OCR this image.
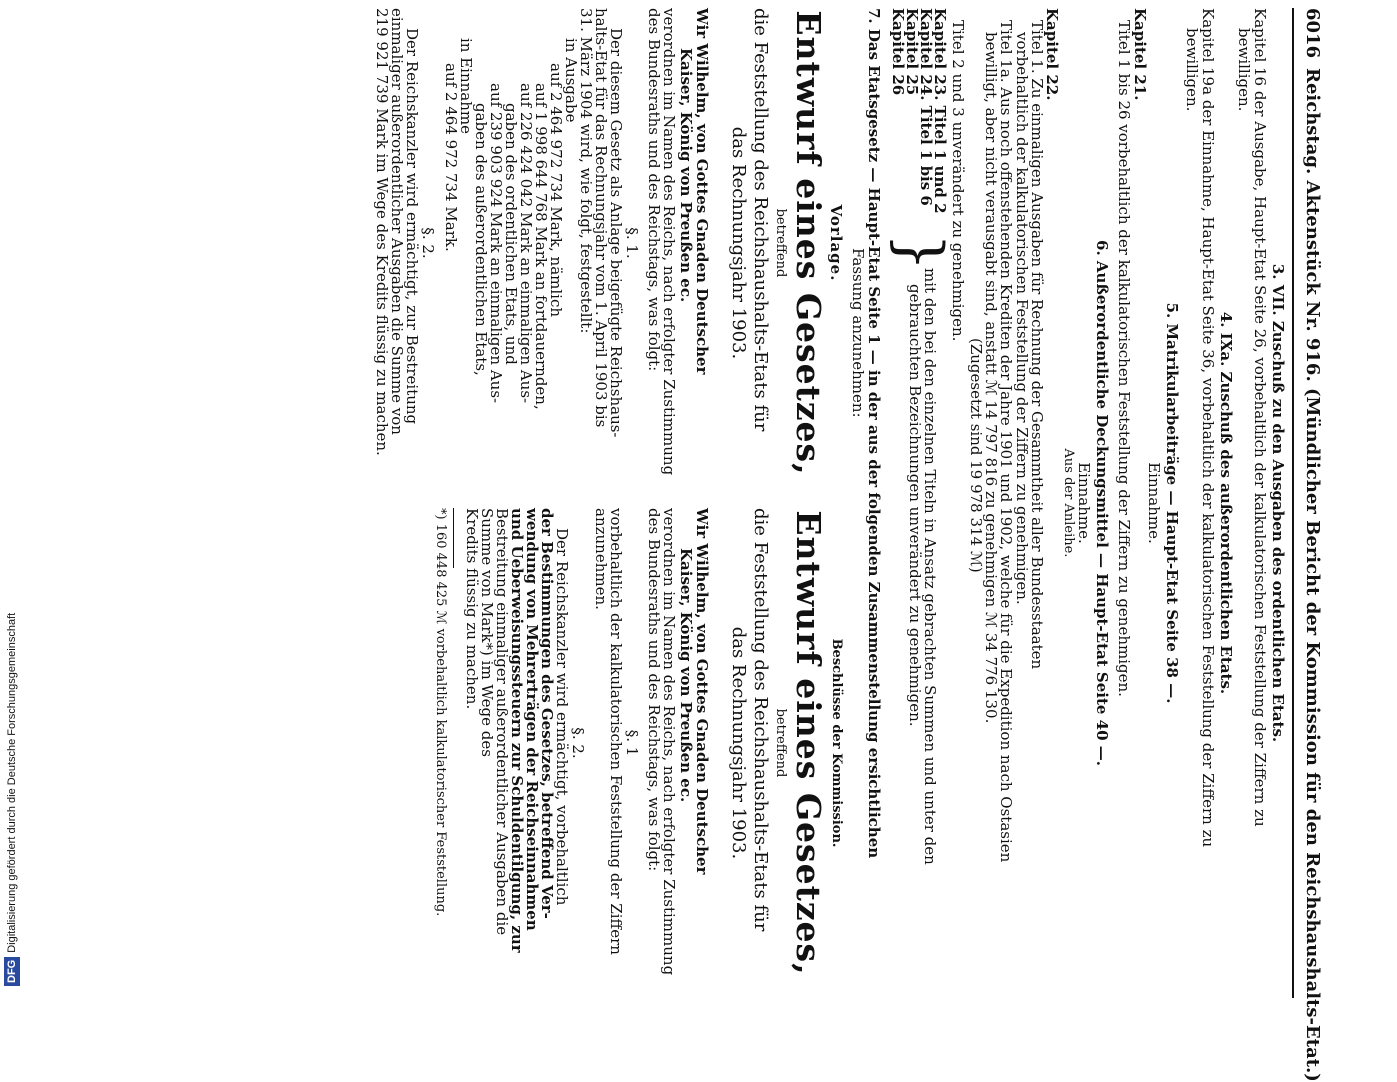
6016
Reichstag. Aktenstück Nr. 916. (Mündlicher Bericht der Kommission für den Reichshaushalts-Etat.)
3. VII. Zuschuß zu den Ausgaben des ordentlichen Etats.
Kapitel 16 der Ausgabe, Haupt-Etat Seite 26, vorbehaltlich der kalkulatorischen Feststellung der Ziffern zu
bewilligen.
4. IXa. Zuschuß des außerordentlichen Etats.
Kapitel 19a der Einnahme, Haupt-Etat Seite 36, vorbehaltlich der kalkulatorischen Feststellung der Ziffern zu
bewilligen.
5. Matrikularbeiträge — Haupt-Etat Seite 38 —.
Einnahme.
Kapitel 21.
Titel 1 bis 26 vorbehaltlich der kalkulatorischen Feststellung der Ziffern zu genehmigen.
6. Außerordentliche Deckungsmittel — Haupt-Etat Seite 40 —.
Einnahme.
Aus der Anleihe.
Kapitel 22.
Titel 1. Zu einmaligen Ausgaben für Rechnung der Gesammtheit aller Bundesstaaten
vorbehaltlich der kalkulatorischen Feststellung der Ziffern zu genehmigen.
Titel 1a. Aus noch offenstehenden Krediten der Jahre 1901 und 1902, welche für die Expedition nach Ostasien
bewilligt, aber nicht verausgabt sind, anstatt ℳ 14 797 816 zu genehmigen ℳ 34 776 130.
(Zugesetzt sind 19 978 314 ℳ)
Titel 2 und 3 unverändert zu genehmigen.
Kapitel 23. Titel 1 und 2
Kapitel 24. Titel 1 bis 6
Kapitel 25
Kapitel 26
}
mit den bei den einzelnen Titeln in Ansatz gebrachten Summen und unter den
gebrauchten Bezeichnungen unverändert zu genehmigen.
7. Das Etatsgesetz — Haupt-Etat Seite 1 — in der aus der folgenden Zusammenstellung ersichtlichen
Fassung anzunehmen:
Vorlage.
Entwurf eines Gesetzes,
betreffend
die Feststellung des Reichshaushalts-Etats für
das Rechnungsjahr 1903.
Wir Wilhelm, von Gottes Gnaden Deutscher
Kaiser, König von Preußen ec.
verordnen im Namen des Reichs, nach erfolgter Zustimmung
des Bundesraths und des Reichstags, was folgt:
§. 1.
Der diesem Gesetz als Anlage beigefügte Reichshaus-
halts-Etat für das Rechnungsjahr vom 1. April 1903 bis
31. März 1904 wird, wie folgt, festgestellt:
in Ausgabe
auf 2 464 972 734 Mark, nämlich
auf 1 998 644 768 Mark an fortdauernden,
auf 226 424 042 Mark an einmaligen Aus-
gaben des ordentlichen Etats, und
auf 239 903 924 Mark an einmaligen Aus-
gaben des außerordentlichen Etats,
in Einnahme
auf 2 464 972 734 Mark.
§. 2.
Der Reichskanzler wird ermächtigt, zur Bestreitung
einmaliger außerordentlicher Ausgaben die Summe von
219 921 739 Mark im Wege des Kredits flüssig zu machen.
Beschlüsse der Kommission.
Entwurf eines Gesetzes,
betreffend
die Feststellung des Reichshaushalts-Etats für
das Rechnungsjahr 1903.
Wir Wilhelm, von Gottes Gnaden Deutscher
Kaiser, König von Preußen ec.
verordnen im Namen des Reichs, nach erfolgter Zustimmung
des Bundesraths und des Reichstags, was folgt:
§. 1
vorbehaltlich der kalkulatorischen Feststellung der Ziffern
anzunehmen.
§. 2.
Der Reichskanzler wird ermächtigt, vorbehaltlich
der Bestimmungen des Gesetzes, betreffend Ver-
wendung von Mehrerträgen der Reichseinnahmen
und Ueberweisungssteuern zur Schuldentilgung, zur
Bestreitung einmaliger außerordentlicher Ausgaben die
Summe von Mark*) im Wege des
Kredits flüssig zu machen.
*) 160 448 425 ℳ vorbehaltlich kalkulatorischer Feststellung.
DFGDigitalisierung gefördert durch die Deutsche Forschungsgemeinschaft
